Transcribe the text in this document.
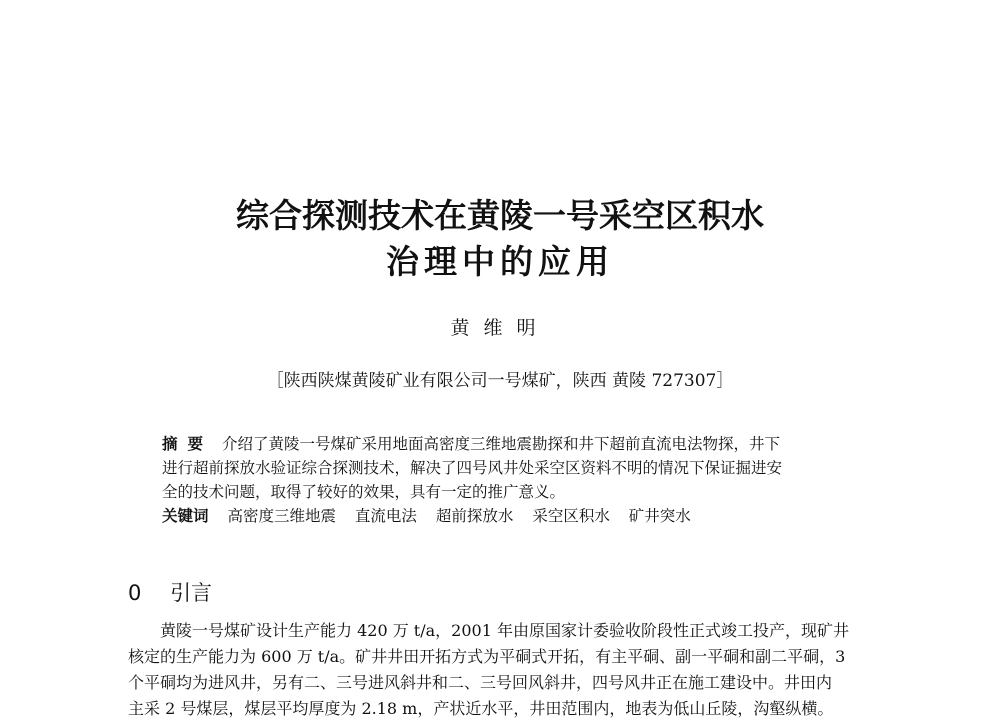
综合探测技术在黄陵一号采空区积水
治理中的应用
黄维明
［陕西陕煤黄陵矿业有限公司一号煤矿，陕西 黄陵 727307］
摘要 介绍了黄陵一号煤矿采用地面高密度三维地震勘探和井下超前直流电法物探，井下
进行超前探放水验证综合探测技术，解决了四号风井处采空区资料不明的情况下保证掘进安
全的技术问题，取得了较好的效果，具有一定的推广意义。
关键词 高密度三维地震 直流电法 超前探放水 采空区积水 矿井突水
0 引言
黄陵一号煤矿设计生产能力 420 万 t/a，2001 年由原国家计委验收阶段性正式竣工投产，现矿井
核定的生产能力为 600 万 t/a。矿井井田开拓方式为平硐式开拓，有主平硐、副一平硐和副二平硐，3
个平硐均为进风井，另有二、三号进风斜井和二、三号回风斜井，四号风井正在施工建设中。井田内
主采 2 号煤层，煤层平均厚度为 2.18 m，产状近水平，井田范围内，地表为低山丘陵，沟壑纵横。
